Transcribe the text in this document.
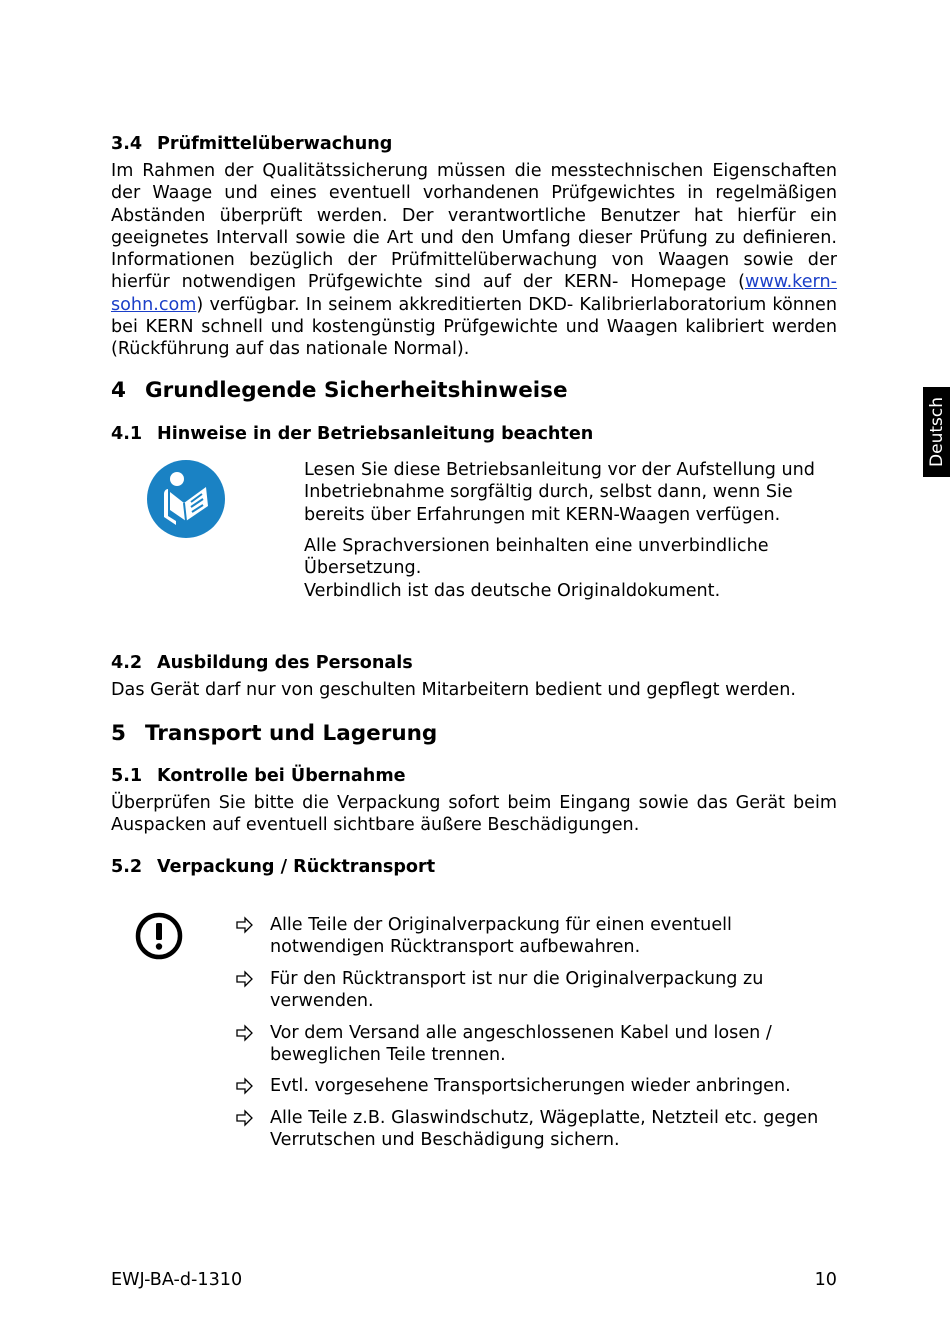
3.4 Prüfmittelüberwachung
Im Rahmen der Qualitätssicherung müssen die messtechnischen Eigenschaften der Waage und eines eventuell vorhandenen Prüfgewichtes in regelmäßigen Abständen überprüft werden. Der verantwortliche Benutzer hat hierfür ein geeignetes Intervall sowie die Art und den Umfang dieser Prüfung zu definieren. Informationen bezüglich der Prüfmittelüberwachung von Waagen sowie der hierfür notwendigen Prüfgewichte sind auf der KERN- Homepage (www.kern-sohn.com) verfügbar. In seinem akkreditierten DKD- Kalibrierlaboratorium können bei KERN schnell und kostengünstig Prüfgewichte und Waagen kalibriert werden (Rückführung auf das nationale Normal).
4 Grundlegende Sicherheitshinweise
4.1 Hinweise in der Betriebsanleitung beachten
Lesen Sie diese Betriebsanleitung vor der Aufstellung und Inbetriebnahme sorgfältig durch, selbst dann, wenn Sie bereits über Erfahrungen mit KERN-Waagen verfügen.
Alle Sprachversionen beinhalten eine unverbindliche Übersetzung.
Verbindlich ist das deutsche Originaldokument.
4.2 Ausbildung des Personals
Das Gerät darf nur von geschulten Mitarbeitern bedient und gepflegt werden.
5 Transport und Lagerung
5.1 Kontrolle bei Übernahme
Überprüfen Sie bitte die Verpackung sofort beim Eingang sowie das Gerät beim Auspacken auf eventuell sichtbare äußere Beschädigungen.
5.2 Verpackung / Rücktransport
Alle Teile der Originalverpackung für einen eventuell notwendigen Rücktransport aufbewahren.
Für den Rücktransport ist nur die Originalverpackung zu verwenden.
Vor dem Versand alle angeschlossenen Kabel und losen / beweglichen Teile trennen.
Evtl. vorgesehene Transportsicherungen wieder anbringen.
Alle Teile z.B. Glaswindschutz, Wägeplatte, Netzteil etc. gegen Verrutschen und Beschädigung sichern.
Deutsch
EWJ-BA-d-1310	10
